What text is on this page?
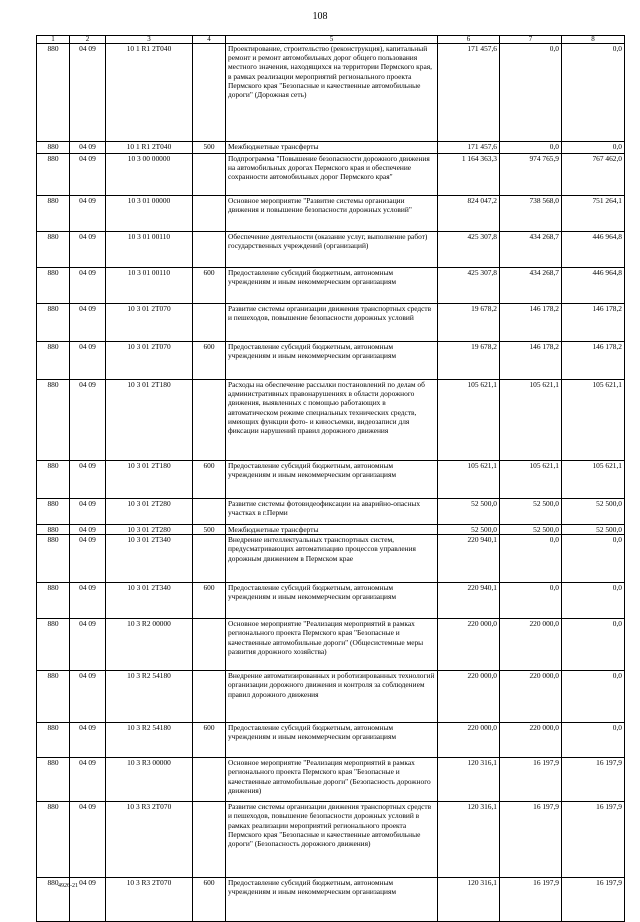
108
1	2	3	4	5	6	7	8
880	04 09	10 1 R1 2T040		Проектирование, строительство (реконструкция), капитальный ремонт и ремонт автомобильных дорог общего пользования местного значения, находящихся на территории Пермского края, в рамках реализации мероприятий регионального проекта Пермского края "Безопасные и качественные автомобильные дороги" (Дорожная сеть)	171 457,6	0,0	0,0
880	04 09	10 1 R1 2T040	500	Межбюджетные трансферты	171 457,6	0,0	0,0
880	04 09	10 3 00 00000		Подпрограмма "Повышение безопасности дорожного движения на автомобильных дорогах Пермского края и обеспечение сохранности автомобильных дорог Пермского края"	1 164 363,3	974 765,9	767 462,0
880	04 09	10 3 01 00000		Основное мероприятие "Развитие системы организации движения и повышение безопасности дорожных условий"	824 047,2	738 568,0	751 264,1
880	04 09	10 3 01 00110		Обеспечение деятельности (оказание услуг, выполнение работ) государственных учреждений (организаций)	425 307,8	434 268,7	446 964,8
880	04 09	10 3 01 00110	600	Предоставление субсидий бюджетным, автономным учреждениям и иным некоммерческим организациям	425 307,8	434 268,7	446 964,8
880	04 09	10 3 01 2T070		Развитие системы организации движения транспортных средств и пешеходов, повышение безопасности дорожных условий	19 678,2	146 178,2	146 178,2
880	04 09	10 3 01 2T070	600	Предоставление субсидий бюджетным, автономным учреждениям и иным некоммерческим организациям	19 678,2	146 178,2	146 178,2
880	04 09	10 3 01 2T180		Расходы на обеспечение рассылки постановлений по делам об административных правонарушениях в области дорожного движения, выявленных с помощью работающих в автоматическом режиме специальных технических средств, имеющих функции фото- и киносъемки, видеозаписи для фиксации нарушений правил дорожного движения	105 621,1	105 621,1	105 621,1
880	04 09	10 3 01 2T180	600	Предоставление субсидий бюджетным, автономным учреждениям и иным некоммерческим организациям	105 621,1	105 621,1	105 621,1
880	04 09	10 3 01 2T280		Развитие системы фотовидеофиксации на аварийно-опасных участках в г.Перми	52 500,0	52 500,0	52 500,0
880	04 09	10 3 01 2T280	500	Межбюджетные трансферты	52 500,0	52 500,0	52 500,0
880	04 09	10 3 01 2T340		Внедрение интеллектуальных транспортных систем, предусматривающих автоматизацию процессов управления дорожным движением в Пермском крае	220 940,1	0,0	0,0
880	04 09	10 3 01 2T340	600	Предоставление субсидий бюджетным, автономным учреждениям и иным некоммерческим организациям	220 940,1	0,0	0,0
880	04 09	10 3 R2 00000		Основное мероприятие "Реализация мероприятий в рамках регионального проекта Пермского края "Безопасные и качественные автомобильные дороги" (Общесистемные меры развития дорожного хозяйства)	220 000,0	220 000,0	0,0
880	04 09	10 3 R2 54180		Внедрение автоматизированных и роботизированных технологий организации дорожного движения и контроля за соблюдением правил дорожного движения	220 000,0	220 000,0	0,0
880	04 09	10 3 R2 54180	600	Предоставление субсидий бюджетным, автономным учреждениям и иным некоммерческим организациям	220 000,0	220 000,0	0,0
880	04 09	10 3 R3 00000		Основное мероприятие "Реализация мероприятий в рамках регионального проекта Пермского края "Безопасные и качественные автомобильные дороги" (Безопасность дорожного движения)	120 316,1	16 197,9	16 197,9
880	04 09	10 3 R3 2T070		Развитие системы организации движения транспортных средств и пешеходов, повышение безопасности дорожных условий в рамках реализации мероприятий регионального проекта Пермского края "Безопасные и качественные автомобильные дороги" (Безопасность дорожного движения)	120 316,1	16 197,9	16 197,9
880	04 09	10 3 R3 2T070	600	Предоставление субсидий бюджетным, автономным учреждениям и иным некоммерческим организациям	120 316,1	16 197,9	16 197,9
4926-21
